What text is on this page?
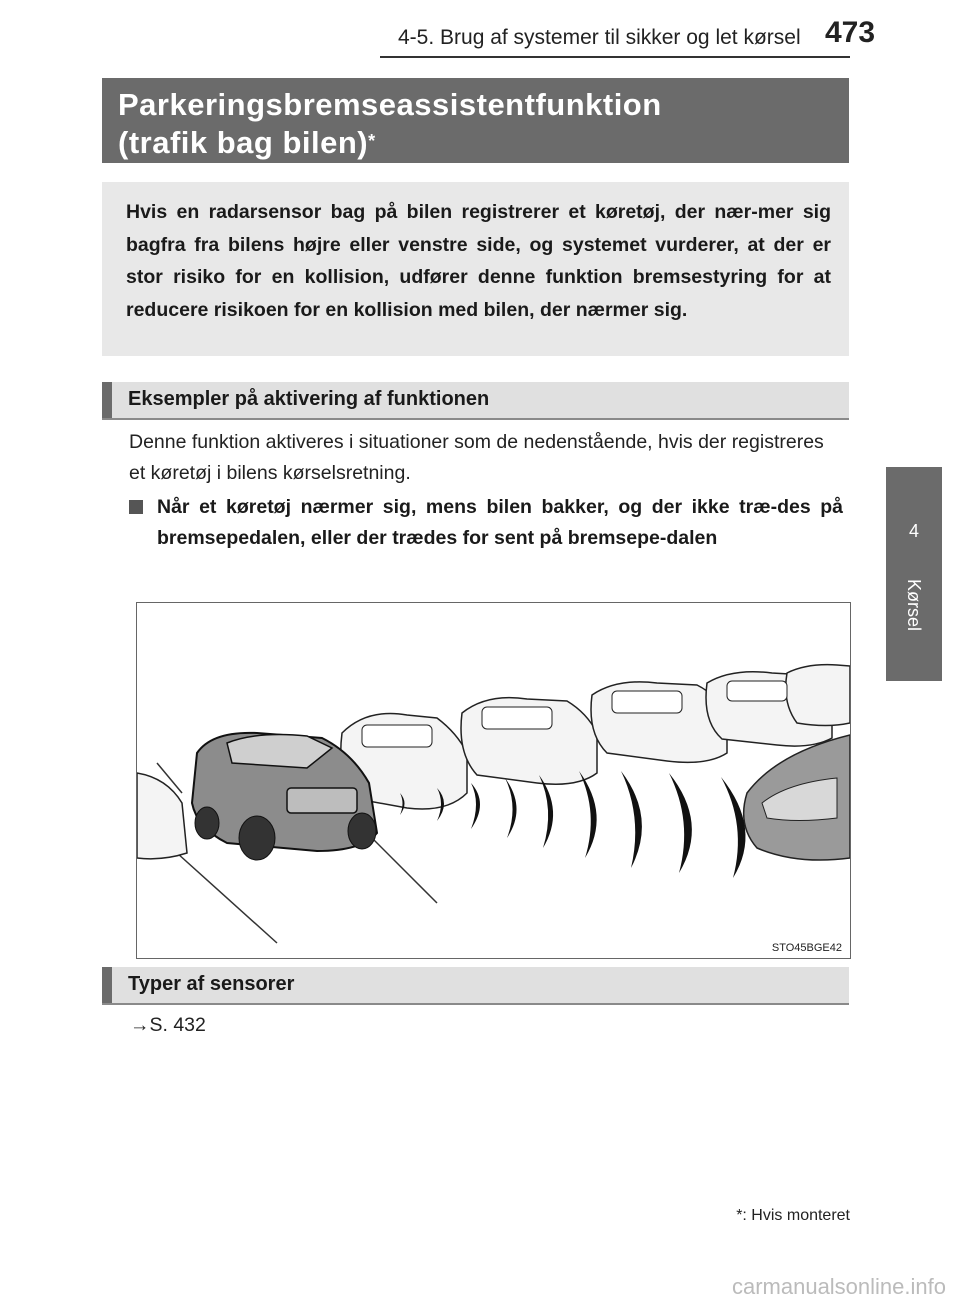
4-5. Brug af systemer til sikker og let kørsel 473
4
Kørsel
Parkeringsbremseassistentfunktion
(trafik bag bilen)*

Hvis en radarsensor bag på bilen registrerer et køretøj, der nær-mer sig bagfra fra bilens højre eller venstre side, og systemet vurderer, at der er stor risiko for en kollision, udfører denne funktion bremsestyring for at reducere risikoen for en kollision med bilen, der nærmer sig.

Eksempler på aktivering af funktionen
Denne funktion aktiveres i situationer som de nedenstående, hvis der registreres et køretøj i bilens kørselsretning.
Når et køretøj nærmer sig, mens bilen bakker, og der ikke træ-des på bremsepedalen, eller der trædes for sent på bremsepe-dalen
STO45BGE42
Typer af sensorer
→S. 432
*: Hvis monteret
carmanualsonline.info
